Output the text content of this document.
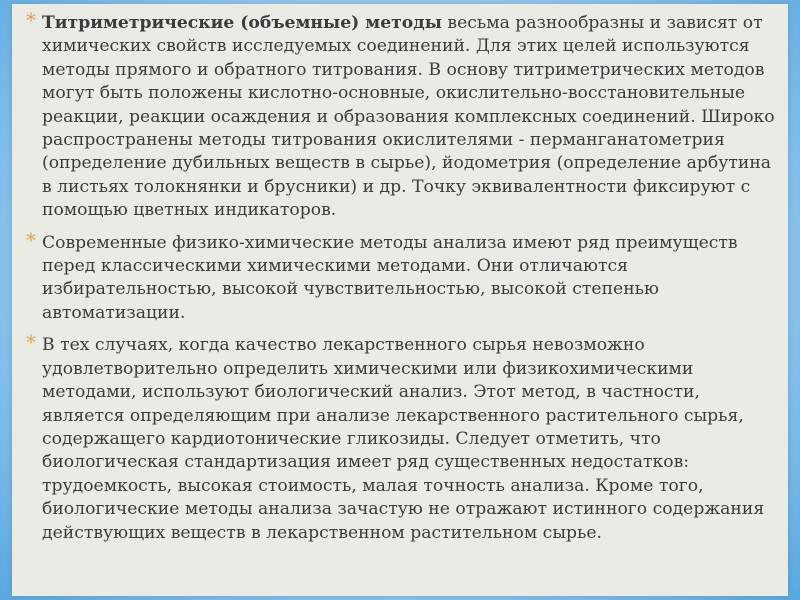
* Титриметрические (объемные) методы весьма разнообразны и зависят от химических свойств исследуемых соединений. Для этих целей используются методы прямого и обратного титрования. В основу титриметрических методов могут быть положены кислотно-основные, окислительно-восстановительные реакции, реакции осаждения и образования комплексных соединений. Широко распространены методы титрования окислителями - перманганатометрия (определение дубильных веществ в сырье), йодометрия (определение арбутина в листьях толокнянки и брусники) и др. Точку эквивалентности фиксируют с помощью цветных индикаторов.

* Современные физико-химические методы анализа имеют ряд преимуществ перед классическими химическими методами. Они отличаются избирательностью, высокой чувствительностью, высокой степенью автоматизации.

* В тех случаях, когда качество лекарственного сырья невозможно удовлетворительно определить химическими или физикохимическими методами, используют биологический анализ. Этот метод, в частности, является определяющим при анализе лекарственного растительного сырья, содержащего кардиотонические гликозиды. Следует отметить, что биологическая стандартизация имеет ряд существенных недостатков: трудоемкость, высокая стоимость, малая точность анализа. Кроме того, биологические методы анализа зачастую не отражают истинного содержания действующих веществ в лекарственном растительном сырье.
